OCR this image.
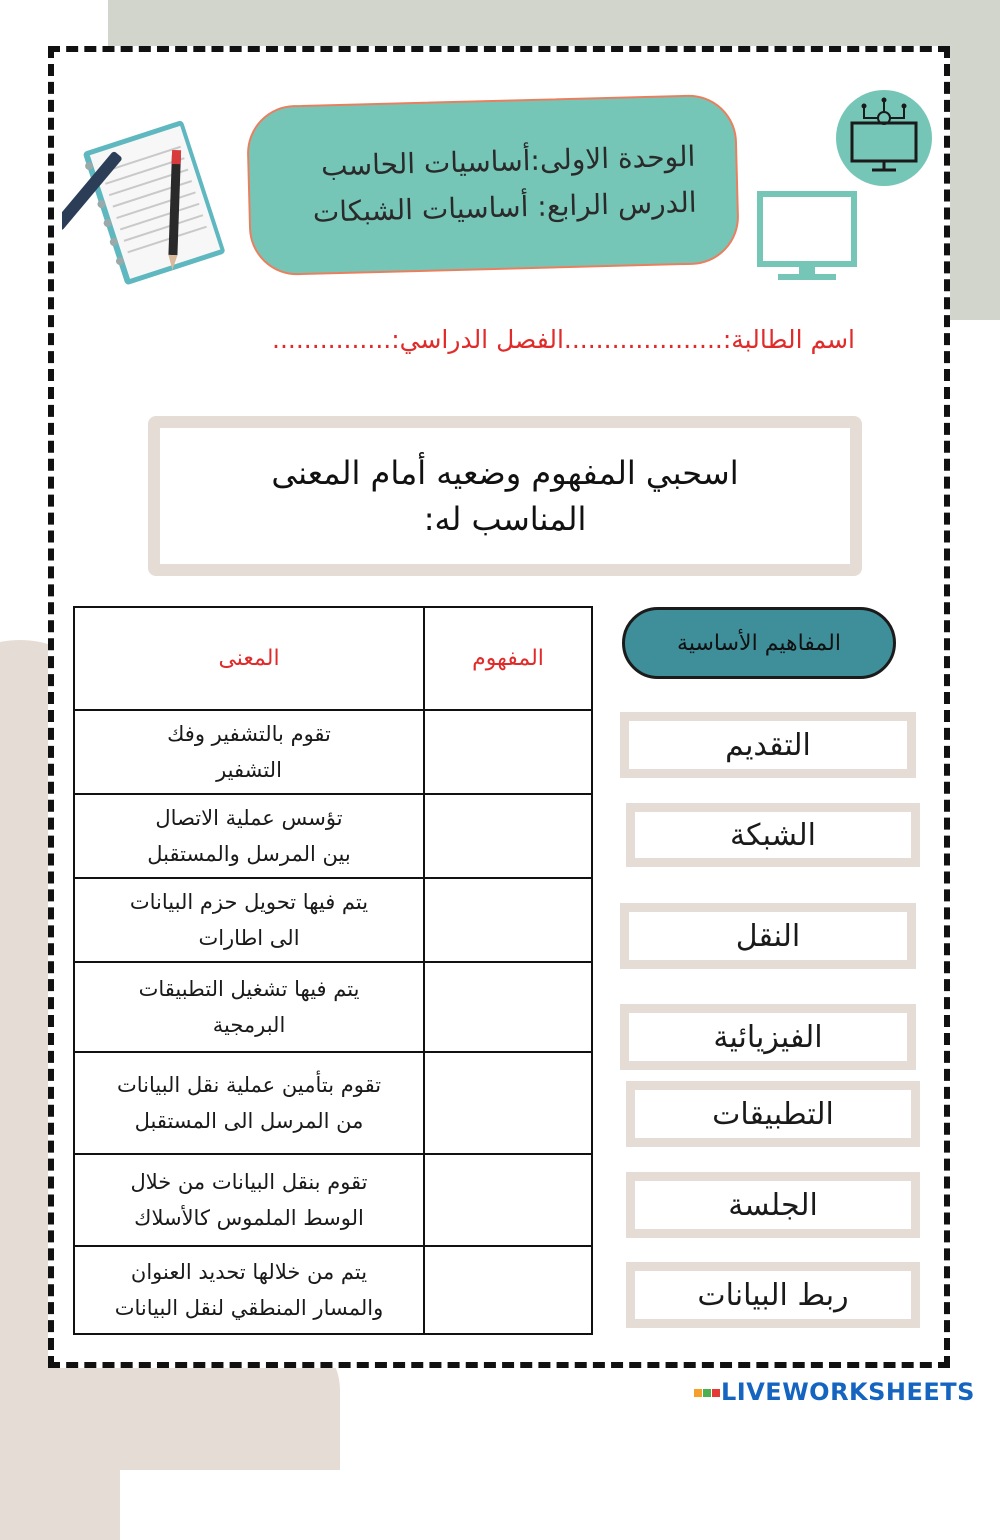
الوحدة الاولى:أساسيات الحاسب
الدرس الرابع: أساسيات الشبكات
اسم الطالبة:....................الفصل الدراسي:...............
اسحبي المفهوم وضعيه أمام المعنى
المناسب له:
المفاهيم الأساسية
التقديم
الشبكة
النقل
الفيزيائية
التطبيقات
الجلسة
ربط البيانات
المفهوم	المعنى

	تقوم بالتشفير وفك
التشفير

	تؤسس عملية الاتصال
بين المرسل والمستقبل

	يتم فيها تحويل حزم البيانات
الى اطارات

	يتم فيها تشغيل التطبيقات
البرمجية

	تقوم بتأمين عملية نقل البيانات
من المرسل الى المستقبل

	تقوم بنقل البيانات من خلال
الوسط الملموس كالأسلاك

	يتم من خلالها تحديد العنوان
والمسار المنطقي لنقل البيانات
LIVEWORKSHEETS
